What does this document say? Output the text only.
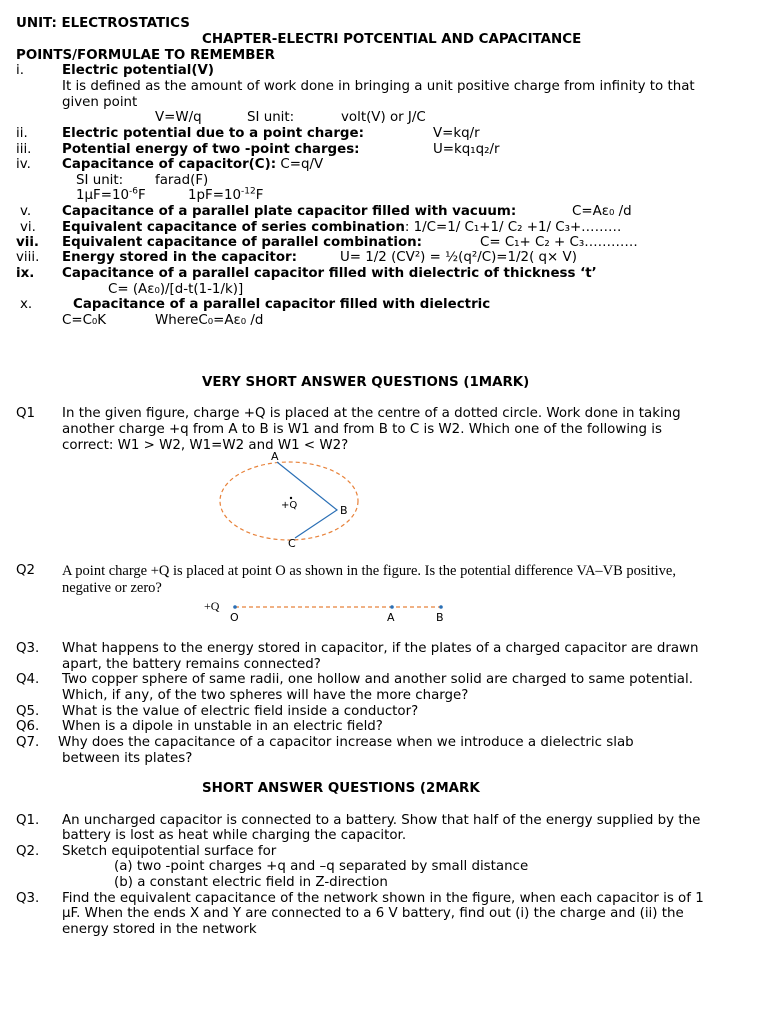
UNIT: ELECTROSTATICS
CHAPTER-ELECTRI POTCENTIAL AND CAPACITANCE
POINTS/FORMULAE TO REMEMBER
i.	Electric potential(V)
It is defined as the amount of work done in bringing a unit positive charge from infinity to that
given point
V=W/q	SI unit:	volt(V) or J/C
ii.	Electric potential due to a point charge:	V=kq/r
iii. Potential energy of two -point charges:	U=kq₁q₂/r
iv. Capacitance of capacitor(C): C=q/V
SI unit: farad(F)
$1\mu F=10^{-6}F$	$1pF=10^{-12}F$
v. Capacitance of a parallel plate capacitor filled with vacuum:	C=Aε₀ /d
vi. Equivalent capacitance of series combination: 1/C=1/ C₁+1/ C₂ +1/ C₃+………
vii. Equivalent capacitance of parallel combination:	C= C₁+ C₂ + C₃…………
viii. Energy stored in the capacitor:	U= 1/2 (CV²) = ½(q²/C)=1/2( q× V)
ix. Capacitance of a parallel capacitor filled with dielectric of thickness ‘t’
C= (Aε₀)/[d-t(1-1/k)]
x.	Capacitance of a parallel capacitor filled with dielectric
C=C₀K	WhereC₀=Aε₀ /d
VERY SHORT ANSWER QUESTIONS (1MARK)
Q1 In the given figure, charge +Q is placed at the centre of a dotted circle. Work done in taking
another charge +q from A to B is W1 and from B to C is W2. Which one of the following is
correct: W1 > W2, W1=W2 and W1 < W2?
A
B
C
+Q
Q2 A point charge +Q is placed at point O as shown in the figure. Is the potential difference VA–VB positive,
negative or zero?
+Q
O	A	B
Q3. What happens to the energy stored in capacitor, if the plates of a charged capacitor are drawn
apart, the battery remains connected?
Q4. Two copper sphere of same radii, one hollow and another solid are charged to same potential.
Which, if any, of the two spheres will have the more charge?
Q5. What is the value of electric field inside a conductor?
Q6. When is a dipole in unstable in an electric field?
Q7. Why does the capacitance of a capacitor increase when we introduce a dielectric slab
between its plates?
SHORT ANSWER QUESTIONS (2MARK
Q1. An uncharged capacitor is connected to a battery. Show that half of the energy supplied by the
battery is lost as heat while charging the capacitor.
Q2. Sketch equipotential surface for
(a) two -point charges +q and –q separated by small distance
(b) a constant electric field in Z-direction
Q3. Find the equivalent capacitance of the network shown in the figure, when each capacitor is of 1
μF. When the ends X and Y are connected to a 6 V battery, find out (i) the charge and (ii) the
energy stored in the network
